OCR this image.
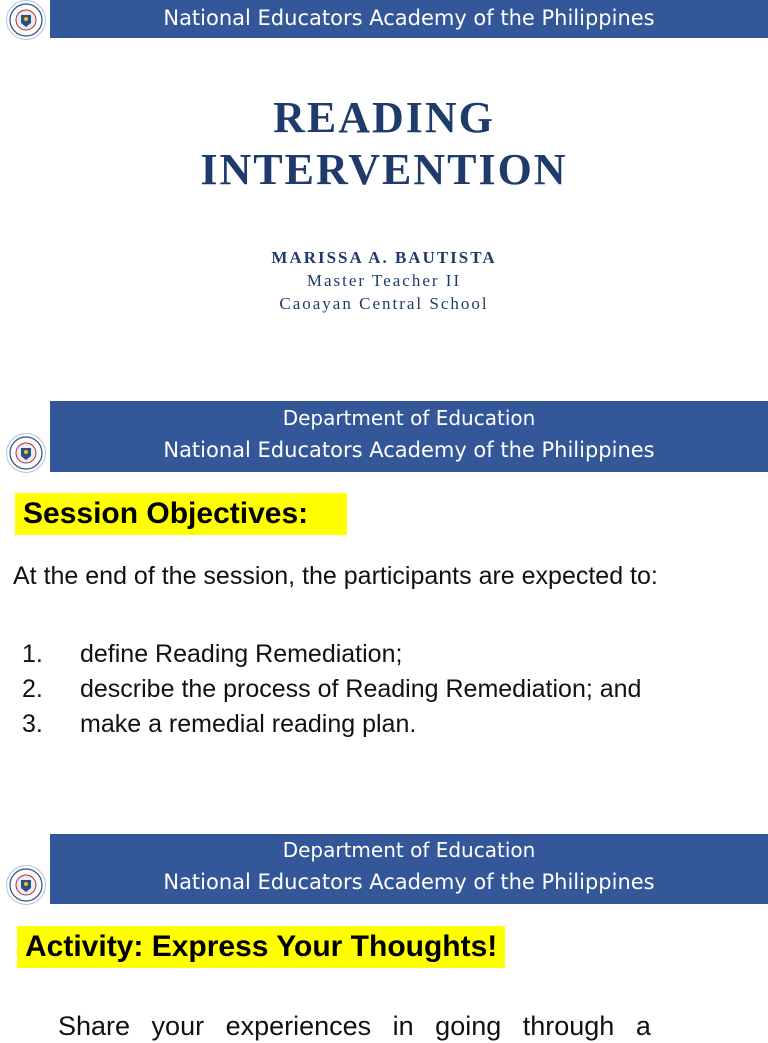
National Educators Academy of the Philippines
READING
INTERVENTION
MARISSA A. BAUTISTA
Master Teacher II
Caoayan Central School
Department of Education
National Educators Academy of the Philippines
Session Objectives:
At the end of the session, the participants are expected to:
1.	define Reading Remediation;
2.	describe the process of Reading Remediation; and
3.	make a remedial reading plan.
Department of Education
National Educators Academy of the Philippines
Activity: Express Your Thoughts!
Share your experiences in going through a
